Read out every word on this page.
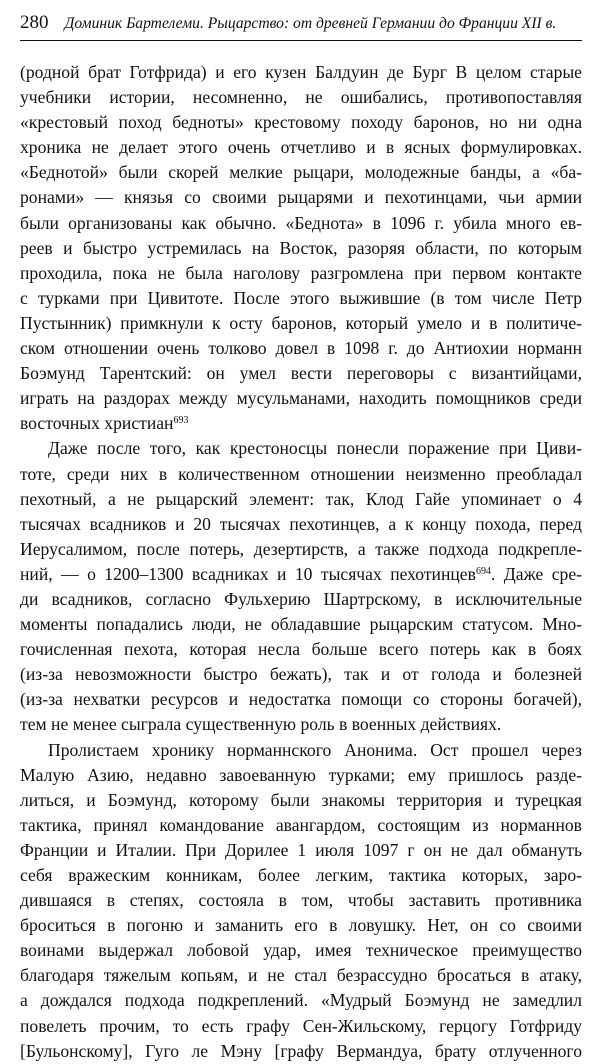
280 Доминик Бартелеми. Рыцарство: от древней Германии до Франции XII в.
(родной брат Готфрида) и его кузен Балдуин де Бург В целом старые
учебники истории, несомненно, не ошибались, противопоставляя
«крестовый поход бедноты» крестовому походу баронов, но ни одна
хроника не делает этого очень отчетливо и в ясных формулировках.
«Беднотой» были скорей мелкие рыцари, молодежные банды, а «ба-
ронами» — князья со своими рыцарями и пехотинцами, чьи армии
были организованы как обычно. «Беднота» в 1096 г. убила много ев-
реев и быстро устремилась на Восток, разоряя области, по которым
проходила, пока не была наголову разгромлена при первом контакте
с турками при Цивитоте. После этого выжившие (в том числе Петр
Пустынник) примкнули к осту баронов, который умело и в политиче-
ском отношении очень толково довел в 1098 г. до Антиохии норманн
Боэмунд Тарентский: он умел вести переговоры с византийцами,
играть на раздорах между мусульманами, находить помощников среди
восточных христиан$^{693}$
Даже после того, как крестоносцы понесли поражение при Циви-
тоте, среди них в количественном отношении неизменно преобладал
пехотный, а не рыцарский элемент: так, Клод Гайе упоминает о 4
тысячах всадников и 20 тысячах пехотинцев, а к концу похода, перед
Иерусалимом, после потерь, дезертирств, а также подхода подкрепле-
ний, — о 1200–1300 всадниках и 10 тысячах пехотинцев$^{694}$. Даже сре-
ди всадников, согласно Фульхерию Шартрскому, в исключительные
моменты попадались люди, не обладавшие рыцарским статусом. Мно-
гочисленная пехота, которая несла больше всего потерь как в боях
(из-за невозможности быстро бежать), так и от голода и болезней
(из-за нехватки ресурсов и недостатка помощи со стороны богачей),
тем не менее сыграла существенную роль в военных действиях.
Пролистаем хронику норманнского Анонима. Ост прошел через
Малую Азию, недавно завоеванную турками; ему пришлось разде-
литься, и Боэмунд, которому были знакомы территория и турецкая
тактика, принял командование авангардом, состоящим из норманнов
Франции и Италии. При Дорилее 1 июля 1097 г он не дал обмануть
себя вражеским конникам, более легким, тактика которых, заро-
дившаяся в степях, состояла в том, чтобы заставить противника
броситься в погоню и заманить его в ловушку. Нет, он со своими
воинами выдержал лобовой удар, имея техническое преимущество
благодаря тяжелым копьям, и не стал безрассудно бросаться в атаку,
а дождался подхода подкреплений. «Мудрый Боэмунд не замедлил
повелеть прочим, то есть графу Сен-Жильскому, герцогу Готфриду
[Бульонскому], Гуго ле Мэну [графу Вермандуа, брату отлученного
